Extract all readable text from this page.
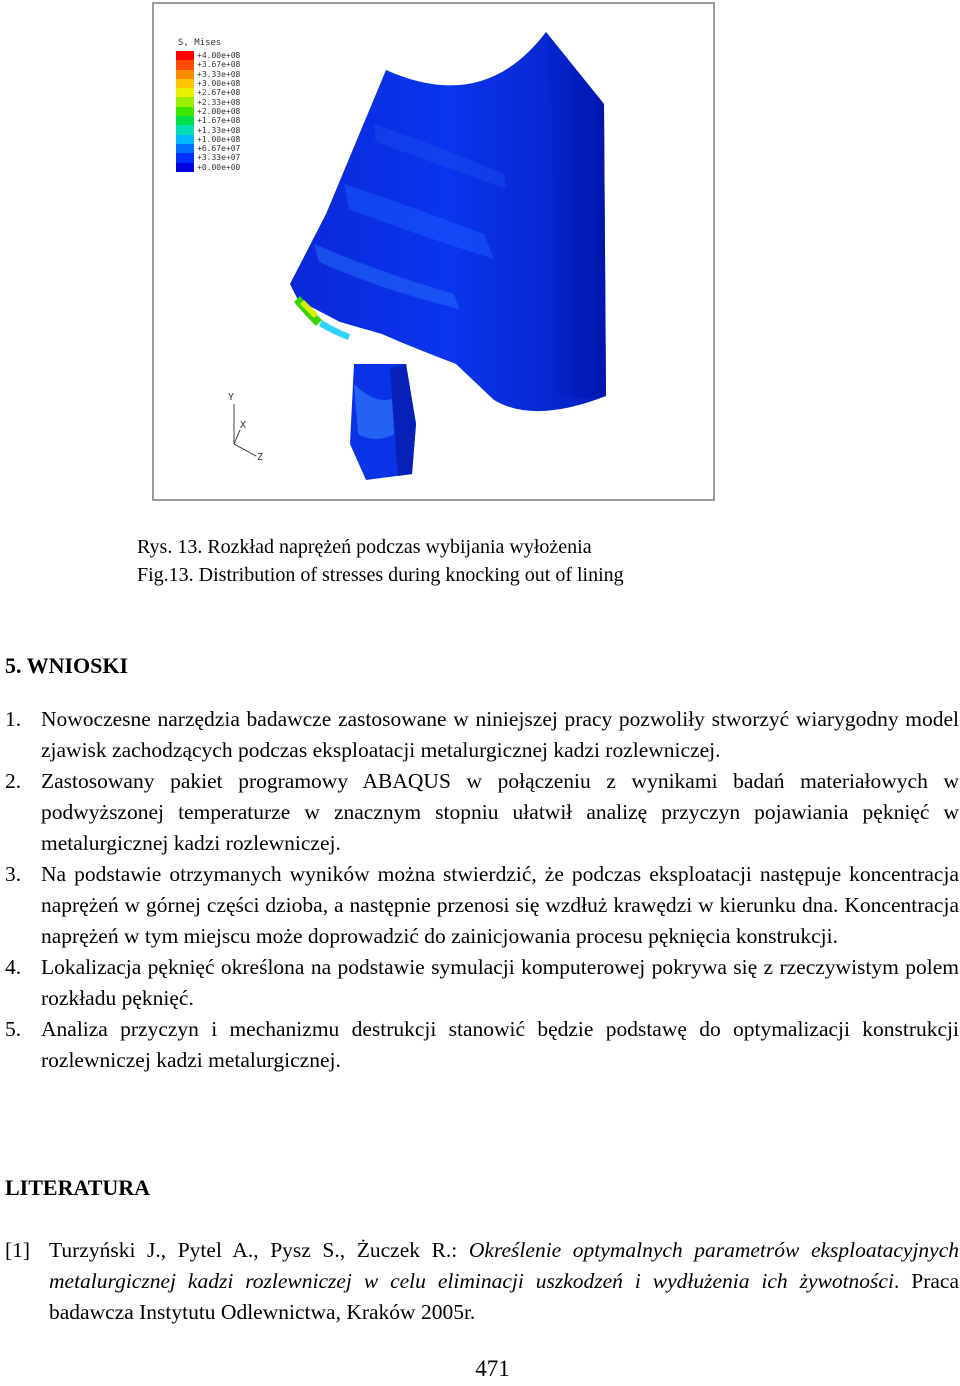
Y
X
Z
S, Mises
+4.00e+08
+3.67e+08
+3.33e+08
+3.00e+08
+2.67e+08
+2.33e+08
+2.00e+08
+1.67e+08
+1.33e+08
+1.00e+08
+6.67e+07
+3.33e+07
+0.00e+00
Rys. 13. Rozkład naprężeń podczas wybijania wyłożenia
Fig.13. Distribution of stresses during knocking out of lining
5. WNIOSKI
1. Nowoczesne narzędzia badawcze zastosowane w niniejszej pracy pozwoliły stworzyć wiarygodny model zjawisk zachodzących podczas eksploatacji metalurgicznej kadzi rozlewniczej.
2. Zastosowany pakiet programowy ABAQUS w połączeniu z wynikami badań materiałowych w podwyższonej temperaturze w znacznym stopniu ułatwił analizę przyczyn pojawiania pęknięć w metalurgicznej kadzi rozlewniczej.
3. Na podstawie otrzymanych wyników można stwierdzić, że podczas eksploatacji następuje koncentracja naprężeń w górnej części dzioba, a następnie przenosi się wzdłuż krawędzi w kierunku dna. Koncentracja naprężeń w tym miejscu może doprowadzić do zainicjowania procesu pęknięcia konstrukcji.
4. Lokalizacja pęknięć określona na podstawie symulacji komputerowej pokrywa się z rzeczywistym polem rozkładu pęknięć.
5. Analiza przyczyn i mechanizmu destrukcji stanowić będzie podstawę do optymalizacji konstrukcji rozlewniczej kadzi metalurgicznej.
LITERATURA
[1] Turzyński J., Pytel A., Pysz S., Żuczek R.: Określenie optymalnych parametrów eksploatacyjnych metalurgicznej kadzi rozlewniczej w celu eliminacji uszkodzeń i wydłużenia ich żywotności. Praca badawcza Instytutu Odlewnictwa, Kraków 2005r.
471
